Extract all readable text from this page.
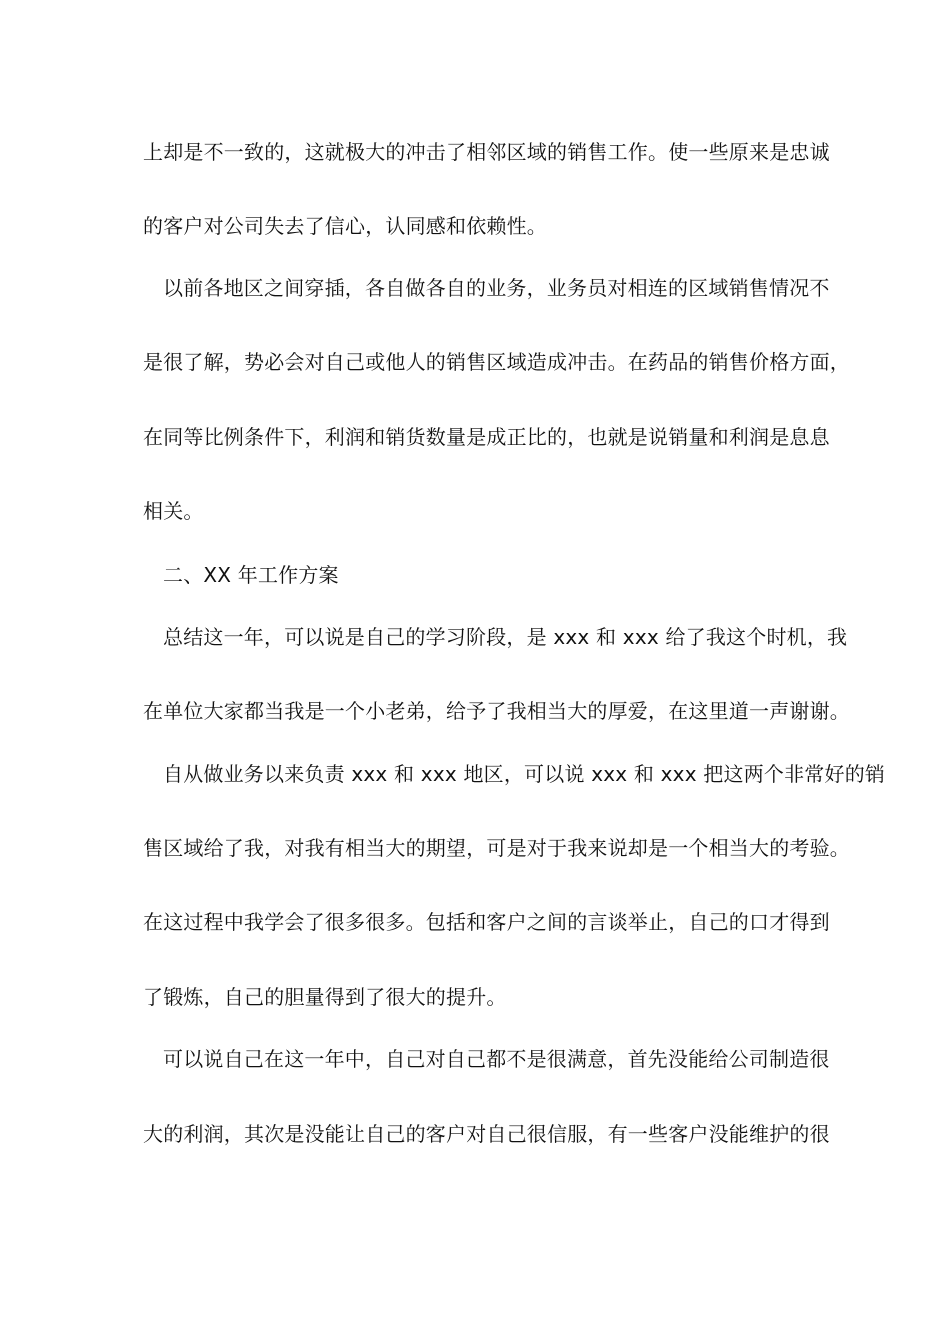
上却是不一致的，这就极大的冲击了相邻区域的销售工作。使一些原来是忠诚
的客户对公司失去了信心，认同感和依赖性。
以前各地区之间穿插，各自做各自的业务，业务员对相连的区域销售情况不
是很了解，势必会对自己或他人的销售区域造成冲击。在药品的销售价格方面，
在同等比例条件下，利润和销货数量是成正比的，也就是说销量和利润是息息
相关。
二、XX 年工作方案
总结这一年，可以说是自己的学习阶段，是 xxx 和 xxx 给了我这个时机，我
在单位大家都当我是一个小老弟，给予了我相当大的厚爱，在这里道一声谢谢。
自从做业务以来负责 xxx 和 xxx 地区，可以说 xxx 和 xxx 把这两个非常好的销
售区域给了我，对我有相当大的期望，可是对于我来说却是一个相当大的考验。
在这过程中我学会了很多很多。包括和客户之间的言谈举止，自己的口才得到
了锻炼，自己的胆量得到了很大的提升。
可以说自己在这一年中，自己对自己都不是很满意，首先没能给公司制造很
大的利润，其次是没能让自己的客户对自己很信服，有一些客户没能维护的很
